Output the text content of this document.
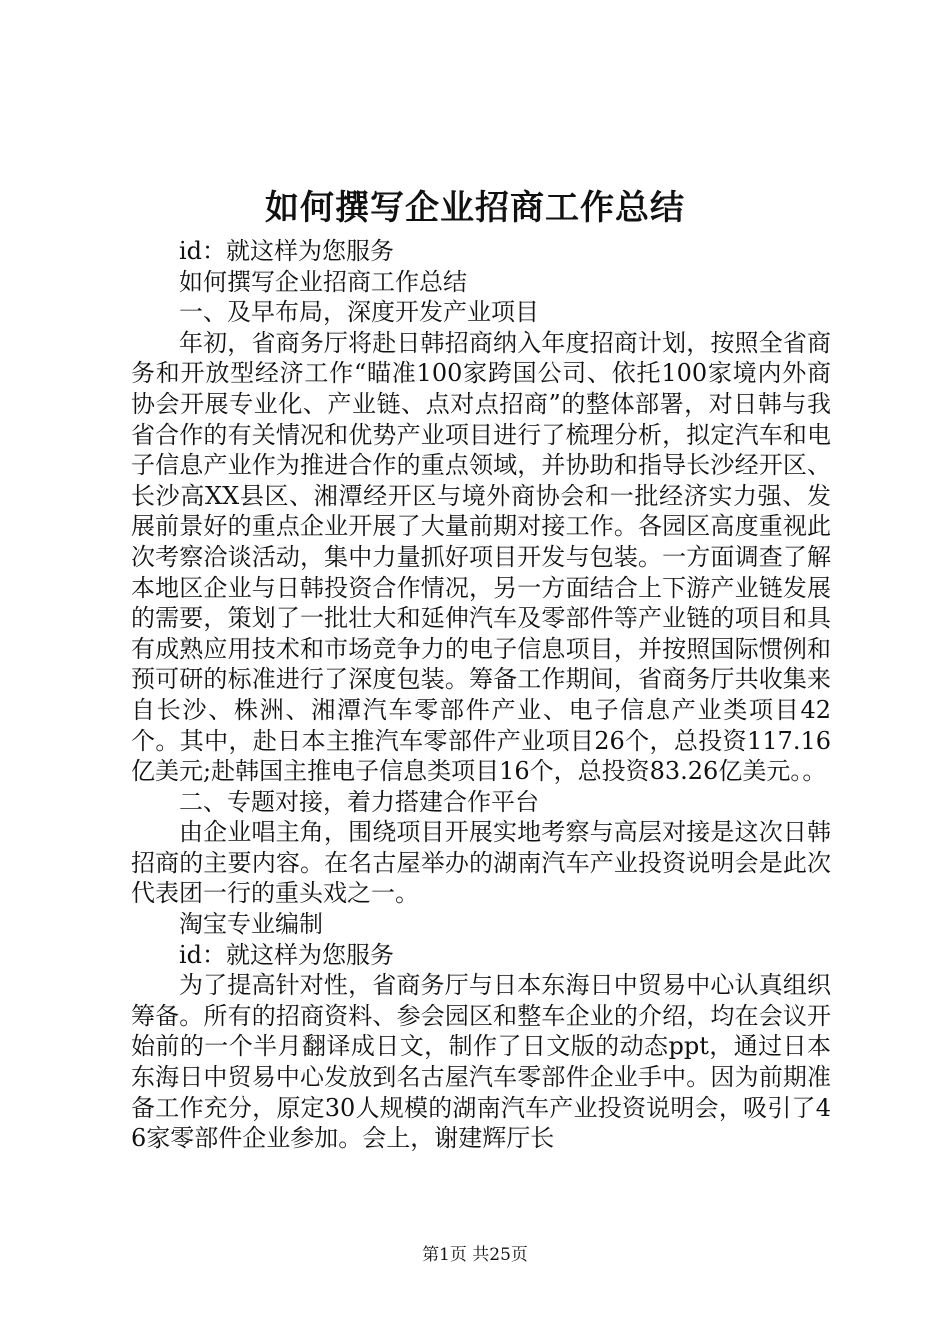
如何撰写企业招商工作总结

id：就这样为您服务

如何撰写企业招商工作总结

一、及早布局，深度开发产业项目

年初，省商务厅将赴日韩招商纳入年度招商计划，按照全省商务和开放型经济工作“瞄准100家跨国公司、依托100家境内外商协会开展专业化、产业链、点对点招商”的整体部署，对日韩与我省合作的有关情况和优势产业项目进行了梳理分析，拟定汽车和电子信息产业作为推进合作的重点领域，并协助和指导长沙经开区、长沙高XX县区、湘潭经开区与境外商协会和一批经济实力强、发展前景好的重点企业开展了大量前期对接工作。各园区高度重视此次考察洽谈活动，集中力量抓好项目开发与包装。一方面调查了解本地区企业与日韩投资合作情况，另一方面结合上下游产业链发展的需要，策划了一批壮大和延伸汽车及零部件等产业链的项目和具有成熟应用技术和市场竞争力的电子信息项目，并按照国际惯例和预可研的标准进行了深度包装。筹备工作期间，省商务厅共收集来自长沙、株洲、湘潭汽车零部件产业、电子信息产业类项目42个。其中，赴日本主推汽车零部件产业项目26个，总投资117.16亿美元;赴韩国主推电子信息类项目16个，总投资83.26亿美元。。

二、专题对接，着力搭建合作平台

由企业唱主角，围绕项目开展实地考察与高层对接是这次日韩招商的主要内容。在名古屋举办的湖南汽车产业投资说明会是此次代表团一行的重头戏之一。

淘宝专业编制

id：就这样为您服务

为了提高针对性，省商务厅与日本东海日中贸易中心认真组织筹备。所有的招商资料、参会园区和整车企业的介绍，均在会议开始前的一个半月翻译成日文，制作了日文版的动态ppt，通过日本东海日中贸易中心发放到名古屋汽车零部件企业手中。因为前期准备工作充分，原定30人规模的湖南汽车产业投资说明会，吸引了46家零部件企业参加。会上，谢建辉厅长

第1页 共25页
